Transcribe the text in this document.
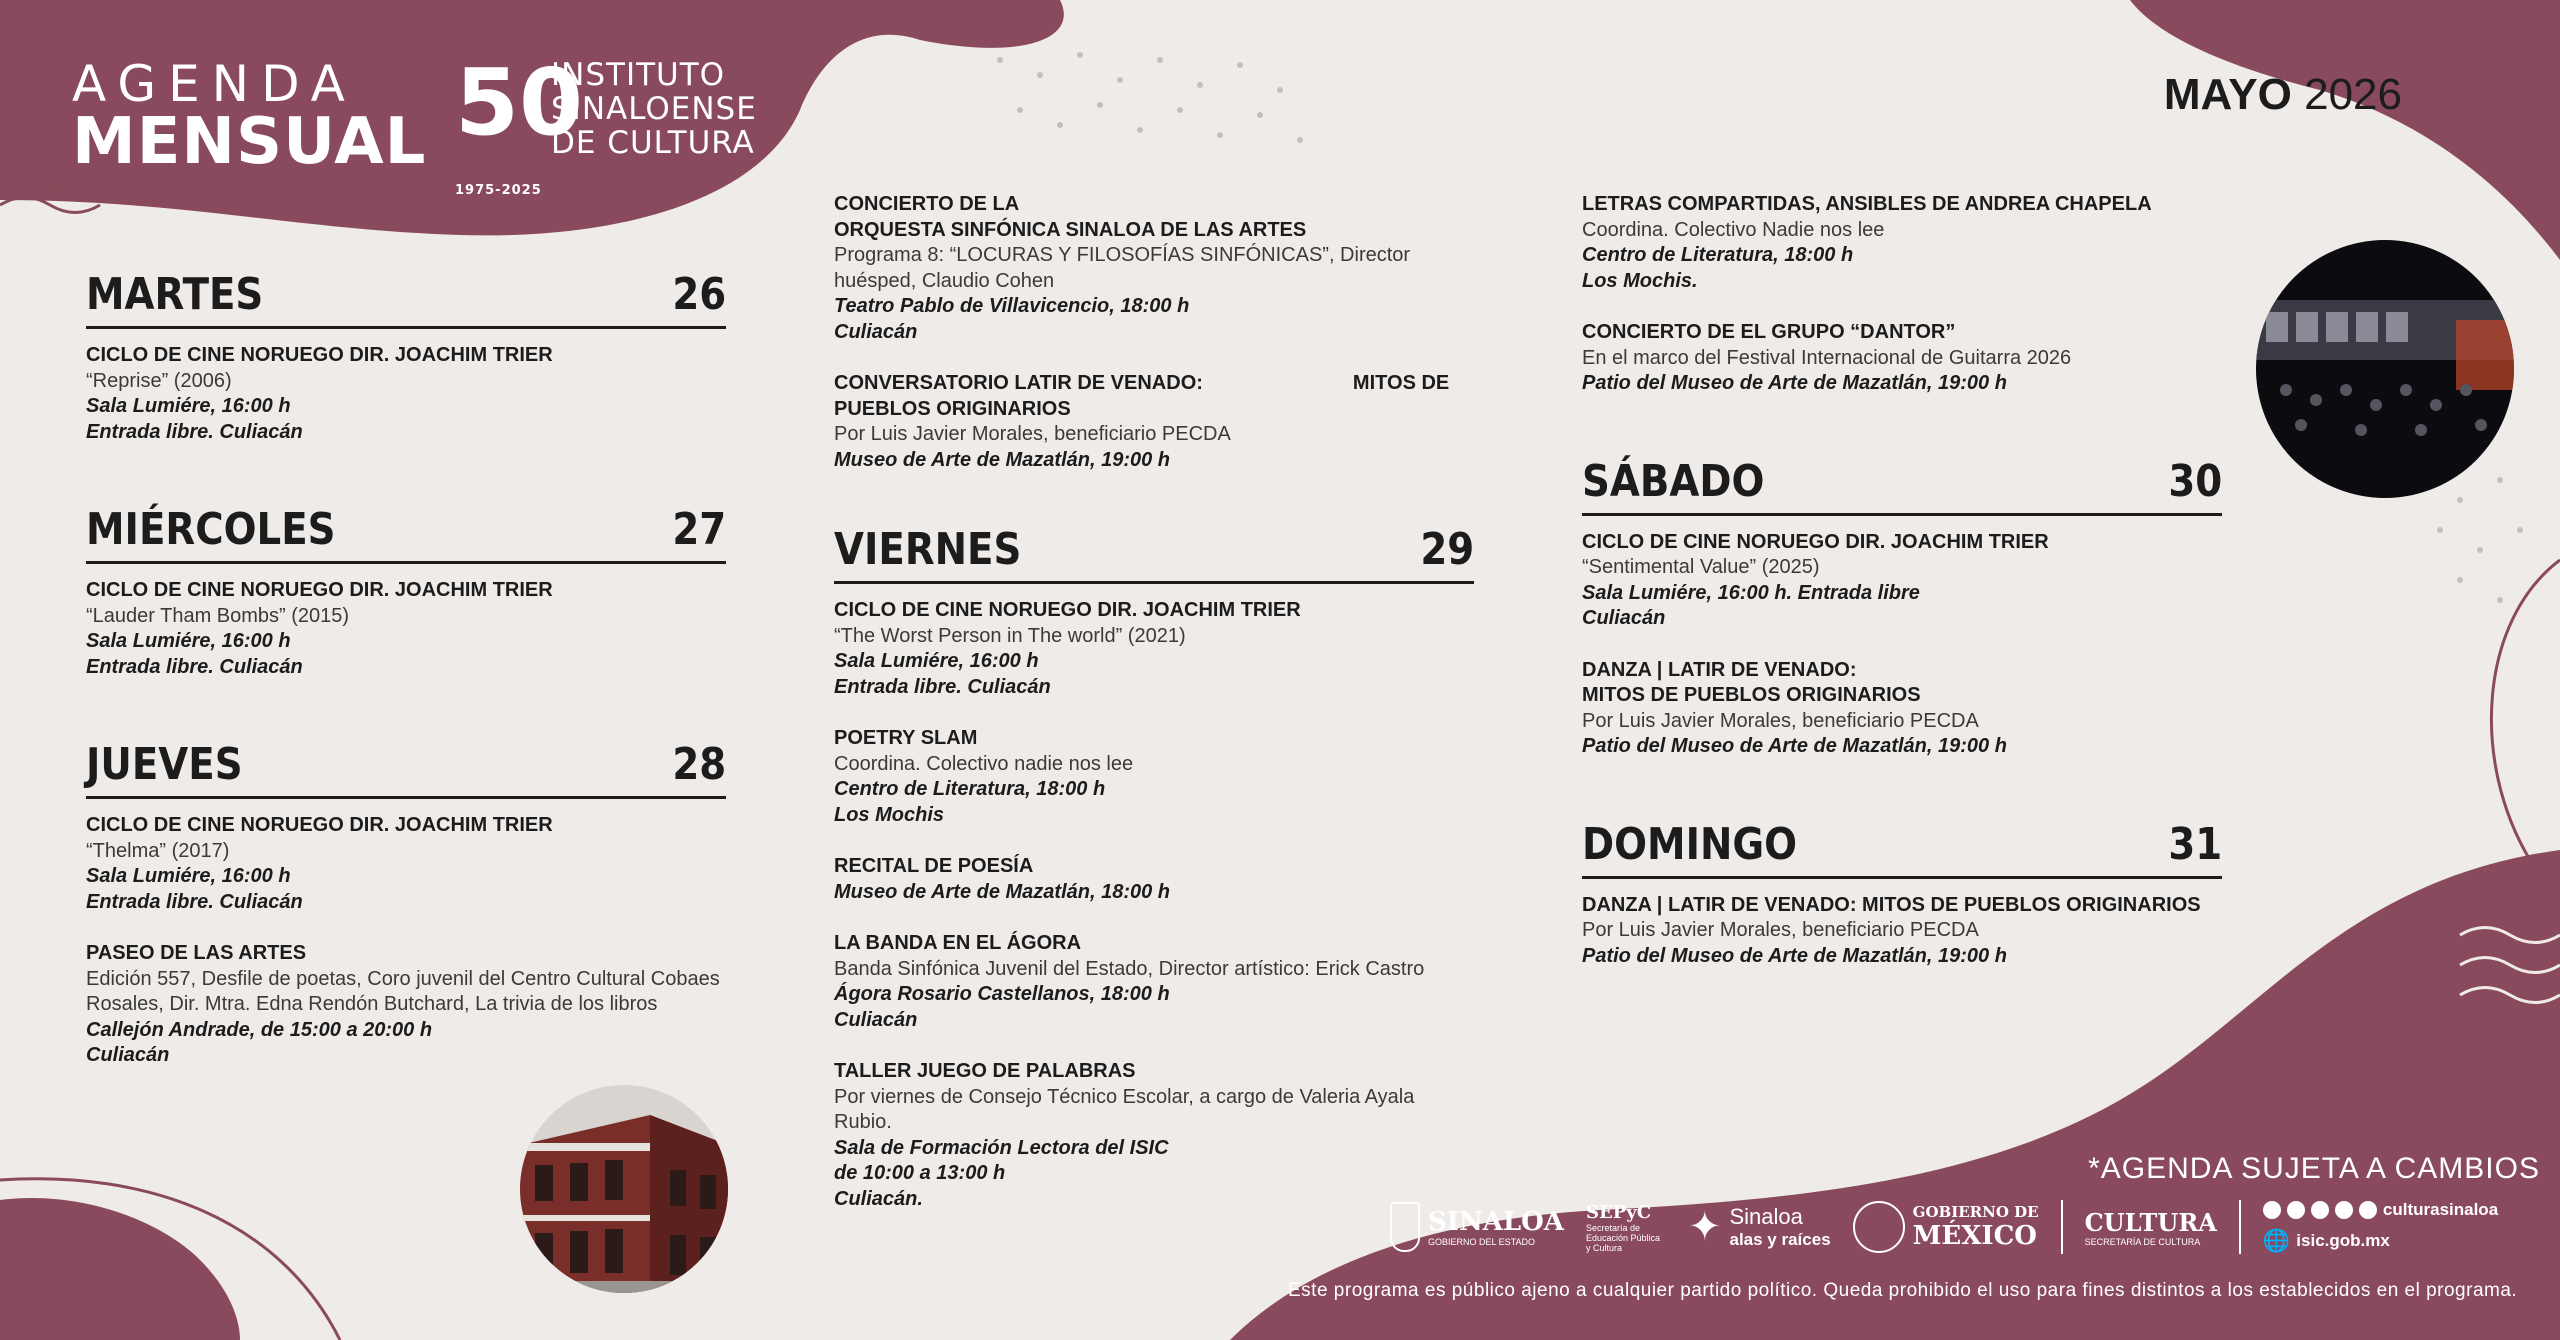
AGENDA
MENSUAL 50
1975-2025
INSTITUTO
SINALOENSE
DE CULTURA
MAYO 2026
MARTES	26
CICLO DE CINE NORUEGO DIR. JOACHIM TRIER
“Reprise” (2006)
Sala Lumiére, 16:00 h
Entrada libre. Culiacán
MIÉRCOLES	27
CICLO DE CINE NORUEGO DIR. JOACHIM TRIER
“Lauder Tham Bombs” (2015)
Sala Lumiére, 16:00 h
Entrada libre. Culiacán
JUEVES	28
CICLO DE CINE NORUEGO DIR. JOACHIM TRIER
“Thelma” (2017)
Sala Lumiére, 16:00 h
Entrada libre. Culiacán
PASEO DE LAS ARTES
Edición 557, Desfile de poetas, Coro juvenil del Centro Cultural Cobaes Rosales, Dir. Mtra. Edna Rendón Butchard, La trivia de los libros
Callejón Andrade, de 15:00 a 20:00 h
Culiacán
CONCIERTO DE LA
ORQUESTA SINFÓNICA SINALOA DE LAS ARTES
Programa 8: “LOCURAS Y FILOSOFÍAS SINFÓNICAS”, Director huésped, Claudio Cohen
Teatro Pablo de Villavicencio, 18:00 h
Culiacán
CONVERSATORIO LATIR DE VENADO:                           MITOS DE
PUEBLOS ORIGINARIOS
Por Luis Javier Morales, beneficiario PECDA
Museo de Arte de Mazatlán, 19:00 h
VIERNES	29
CICLO DE CINE NORUEGO DIR. JOACHIM TRIER
“The Worst Person in The world” (2021)
Sala Lumiére, 16:00 h
Entrada libre. Culiacán
POETRY SLAM
Coordina. Colectivo nadie nos lee
Centro de Literatura, 18:00 h
Los Mochis
RECITAL DE POESÍA
Museo de Arte de Mazatlán, 18:00 h
LA BANDA EN EL ÁGORA
Banda Sinfónica Juvenil del Estado, Director artístico: Erick Castro
Ágora Rosario Castellanos, 18:00 h
Culiacán
TALLER JUEGO DE PALABRAS
Por viernes de Consejo Técnico Escolar, a cargo de Valeria Ayala Rubio.
Sala de Formación Lectora del ISIC
de 10:00 a 13:00 h
Culiacán.
LETRAS COMPARTIDAS, ANSIBLES DE ANDREA CHAPELA
Coordina. Colectivo Nadie nos lee
Centro de Literatura, 18:00 h
Los Mochis.
CONCIERTO DE EL GRUPO “DANTOR”
En el marco del Festival Internacional de Guitarra 2026
Patio del Museo de Arte de Mazatlán, 19:00 h
SÁBADO	30
CICLO DE CINE NORUEGO DIR. JOACHIM TRIER
“Sentimental Value” (2025)
Sala Lumiére, 16:00 h. Entrada libre
Culiacán
DANZA | LATIR DE VENADO:
MITOS DE PUEBLOS ORIGINARIOS
Por Luis Javier Morales, beneficiario PECDA
Patio del Museo de Arte de Mazatlán, 19:00 h
DOMINGO	31
DANZA | LATIR DE VENADO: MITOS DE PUEBLOS ORIGINARIOS
Por Luis Javier Morales, beneficiario PECDA
Patio del Museo de Arte de Mazatlán, 19:00 h
*AGENDA SUJETA A CAMBIOS
SINALOA
GOBIERNO DEL ESTADO
SEPyC
Secretaría de Educación Pública y Cultura	✦ Sinaloa
alas y raíces
GOBIERNO DE
MÉXICO CULTURA
SECRETARÍA DE CULTURA
culturasinaloa
🌐 isic.gob.mx
Este programa es público ajeno a cualquier partido político. Queda prohibido el uso para fines distintos a los establecidos en el programa.
